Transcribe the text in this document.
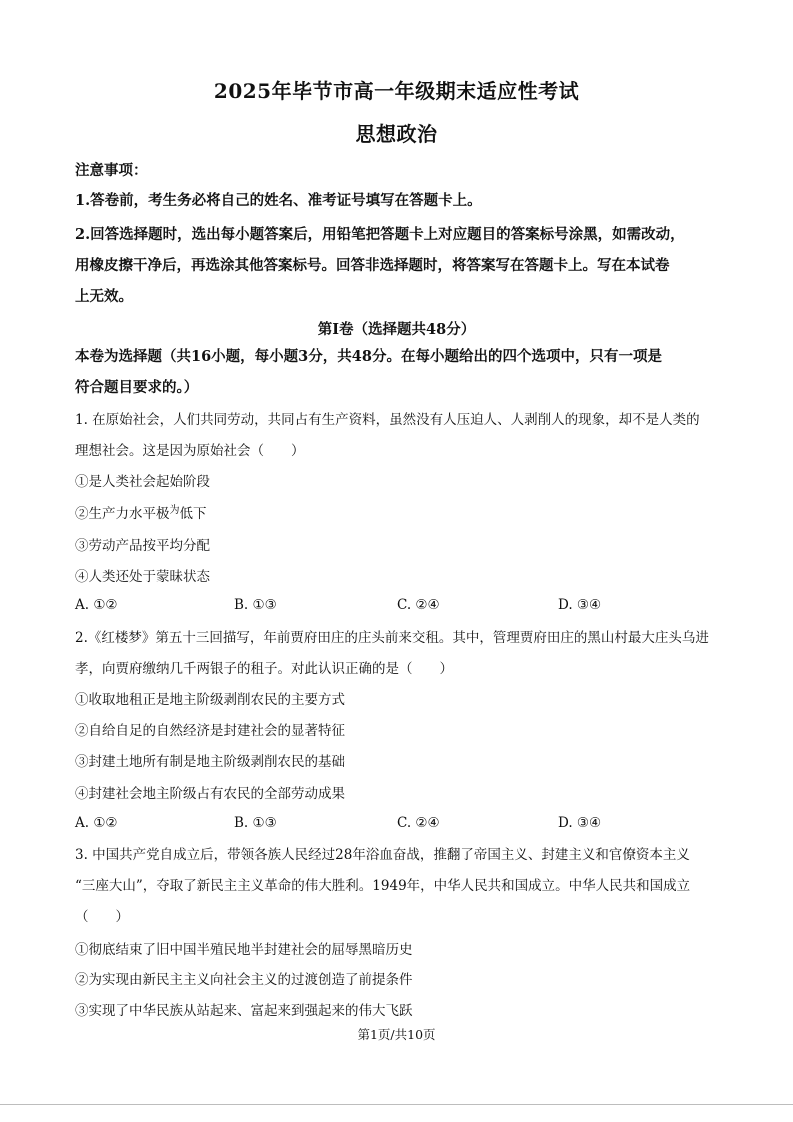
2025年毕节市高一年级期末适应性考试
思想政治
注意事项：
1.答卷前，考生务必将自己的姓名、准考证号填写在答题卡上。
2.回答选择题时，选出每小题答案后，用铅笔把答题卡上对应题目的答案标号涂黑，如需改动，
用橡皮擦干净后，再选涂其他答案标号。回答非选择题时，将答案写在答题卡上。写在本试卷
上无效。
第Ⅰ卷（选择题共48分）
本卷为选择题（共16小题，每小题3分，共48分。在每小题给出的四个选项中，只有一项是
符合题目要求的。）
1. 在原始社会，人们共同劳动，共同占有生产资料，虽然没有人压迫人、人剥削人的现象，却不是人类的
理想社会。这是因为原始社会（　　）
①是人类社会起始阶段
②生产力水平极$^为$低下
③劳动产品按平均分配
④人类还处于蒙昧状态
A. ①②	B. ①③	C. ②④	D. ③④
2.《红楼梦》第五十三回描写，年前贾府田庄的庄头前来交租。其中，管理贾府田庄的黑山村最大庄头乌进
孝，向贾府缴纳几千两银子的租子。对此认识正确的是（　　）
①收取地租正是地主阶级剥削农民的主要方式
②自给自足的自然经济是封建社会的显著特征
③封建土地所有制是地主阶级剥削农民的基础
④封建社会地主阶级占有农民的全部劳动成果
A. ①②	B. ①③	C. ②④	D. ③④
3. 中国共产党自成立后，带领各族人民经过28年浴血奋战，推翻了帝国主义、封建主义和官僚资本主义
“三座大山”，夺取了新民主主义革命的伟大胜利。1949年，中华人民共和国成立。中华人民共和国成立
（　　）
①彻底结束了旧中国半殖民地半封建社会的屈辱黑暗历史
②为实现由新民主主义向社会主义的过渡创造了前提条件
③实现了中华民族从站起来、富起来到强起来的伟大飞跃
第1页/共10页
